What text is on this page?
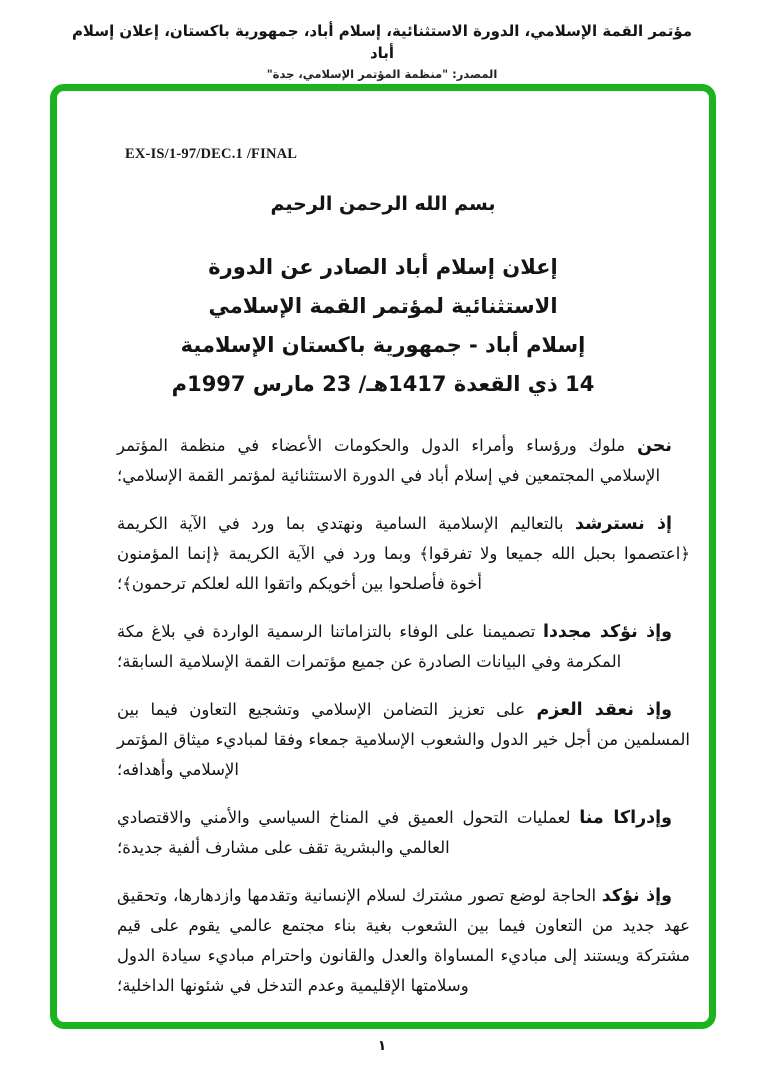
مؤتمر القمة الإسلامي، الدورة الاستثنائية، إسلام أباد، جمهورية باكستان، إعلان إسلام أباد
المصدر: "منظمة المؤتمر الإسلامي، جدة"
EX-IS/1-97/DEC.1 /FINAL
بسم الله الرحمن الرحيم
إعلان إسلام أباد الصادر عن الدورة
الاستثنائية لمؤتمر القمة الإسلامي
إسلام أباد - جمهورية باكستان الإسلامية
14 ذي القعدة 1417هـ/ 23 مارس 1997م

نحن ملوك ورؤساء وأمراء الدول والحكومات الأعضاء في منظمة المؤتمر الإسلامي المجتمعين في إسلام أباد في الدورة الاستثنائية لمؤتمر القمة الإسلامي؛

إذ نسترشد بالتعاليم الإسلامية السامية ونهتدي بما ورد في الآية الكريمة ﴿اعتصموا بحبل الله جميعا ولا تفرقوا﴾ وبما ورد في الآية الكريمة ﴿إنما المؤمنون أخوة فأصلحوا بين أخويكم واتقوا الله لعلكم ترحمون﴾؛

وإذ نؤكد مجددا تصميمنا على الوفاء بالتزاماتنا الرسمية الواردة في بلاغ مكة المكرمة وفي البيانات الصادرة عن جميع مؤتمرات القمة الإسلامية السابقة؛

وإذ نعقد العزم على تعزيز التضامن الإسلامي وتشجيع التعاون فيما بين المسلمين من أجل خير الدول والشعوب الإسلامية جمعاء وفقا لمباديء ميثاق المؤتمر الإسلامي وأهدافه؛

وإدراكا منا لعمليات التحول العميق في المناخ السياسي والأمني والاقتصادي العالمي والبشرية تقف على مشارف ألفية جديدة؛

وإذ نؤكد الحاجة لوضع تصور مشترك لسلام الإنسانية وتقدمها وازدهارها، وتحقيق عهد جديد من التعاون فيما بين الشعوب بغية بناء مجتمع عالمي يقوم على قيم مشتركة ويستند إلى مباديء المساواة والعدل والقانون واحترام مباديء سيادة الدول وسلامتها الإقليمية وعدم التدخل في شئونها الداخلية؛

١
